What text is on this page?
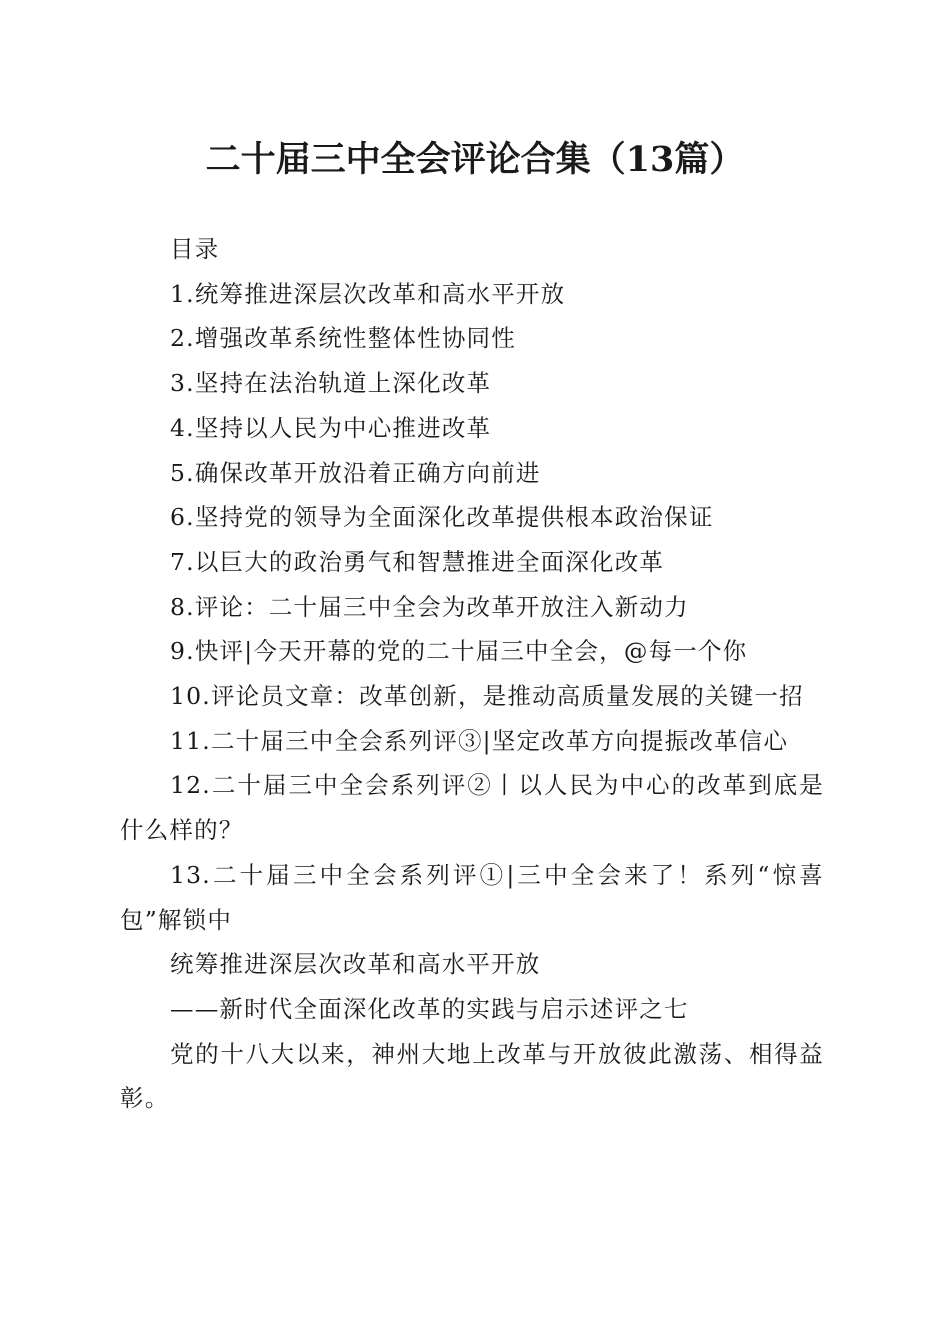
二十届三中全会评论合集（13篇）

目录

1.统筹推进深层次改革和高水平开放

2.增强改革系统性整体性协同性

3.坚持在法治轨道上深化改革

4.坚持以人民为中心推进改革

5.确保改革开放沿着正确方向前进

6.坚持党的领导为全面深化改革提供根本政治保证

7.以巨大的政治勇气和智慧推进全面深化改革

8.评论：二十届三中全会为改革开放注入新动力

9.快评|今天开幕的党的二十届三中全会，@每一个你

10.评论员文章：改革创新，是推动高质量发展的关键一招

11.二十届三中全会系列评③|坚定改革方向提振改革信心

12.二十届三中全会系列评②丨以人民为中心的改革到底是什么样的？

13.二十届三中全会系列评①|三中全会来了！系列“惊喜包”解锁中

统筹推进深层次改革和高水平开放

——新时代全面深化改革的实践与启示述评之七

党的十八大以来，神州大地上改革与开放彼此激荡、相得益彰。
